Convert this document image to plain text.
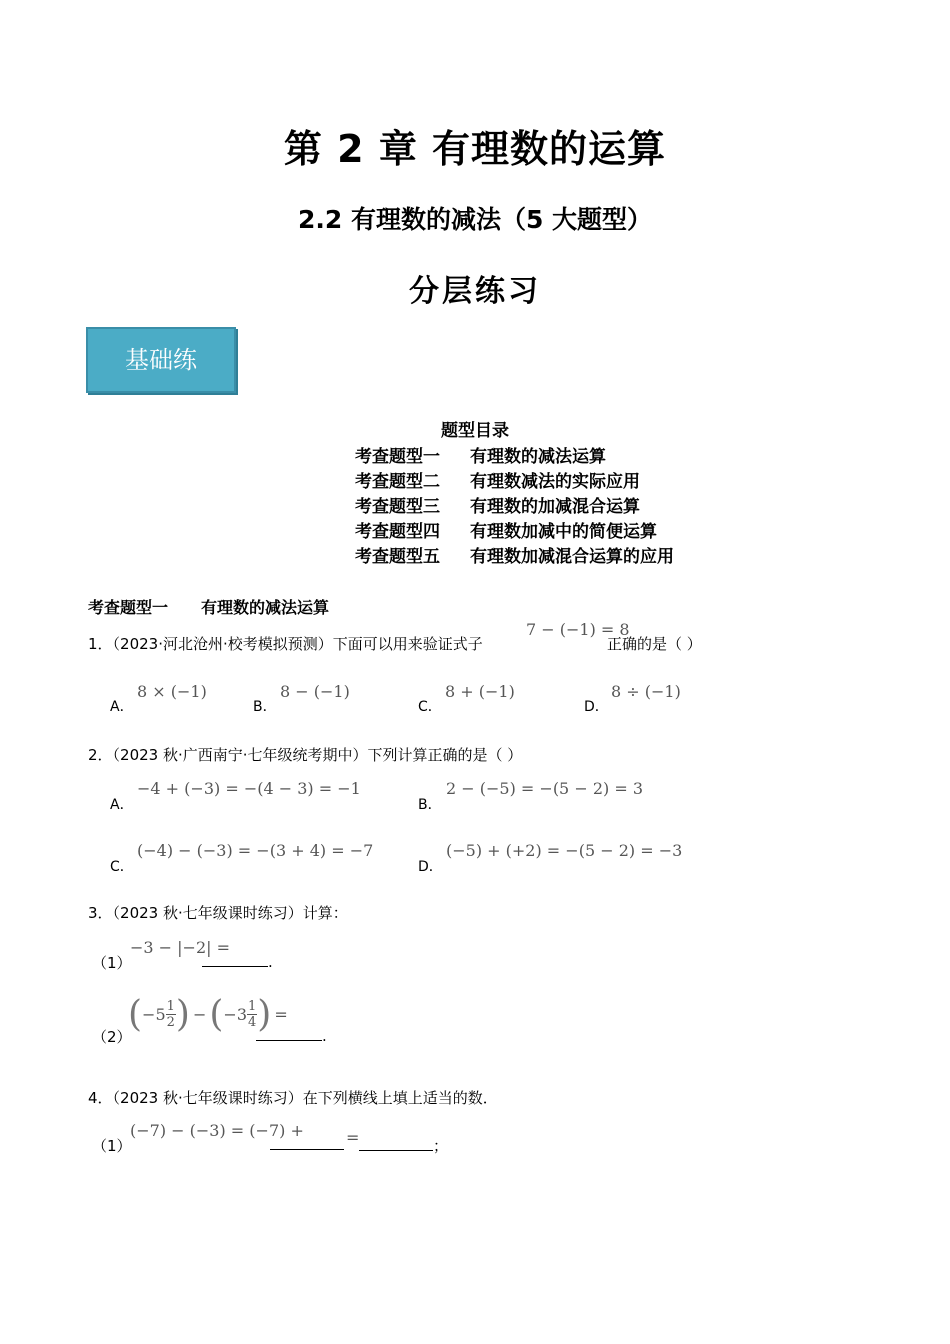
第 2 章 有理数的运算
2.2 有理数的减法（5 大题型）
分层练习
基础练
题型目录
考查题型一 有理数的减法运算
考查题型二 有理数减法的实际应用
考查题型三 有理数的加减混合运算
考查题型四 有理数加减中的简便运算
考查题型五 有理数加减混合运算的应用
考查题型一 有理数的减法运算
1．（2023·河北沧州·校考模拟预测）下面可以用来验证式子
7 − (−1) = 8
正确的是（ ）
A．
8 × (−1)
B．
8 − (−1)
C．
8 + (−1)
D．
8 ÷ (−1)
2．（2023 秋·广西南宁·七年级统考期中）下列计算正确的是（ ）
A．
−4 + (−3) = −(4 − 3) = −1
B．
2 − (−5) = −(5 − 2) = 3
C．
(−4) − (−3) = −(3 + 4) = −7
D．
(−5) + (+2) = −(5 − 2) = −3
3．（2023 秋·七年级课时练习）计算：
（1）
−3 − |−2| =
.
（2）
( $-5 \frac{1}{2}$ ) − ( $-3 \frac{1}{4}$ ) =
.
4．（2023 秋·七年级课时练习）在下列横线上填上适当的数．
（1）
(−7) − (−3) = (−7) +	=	；
